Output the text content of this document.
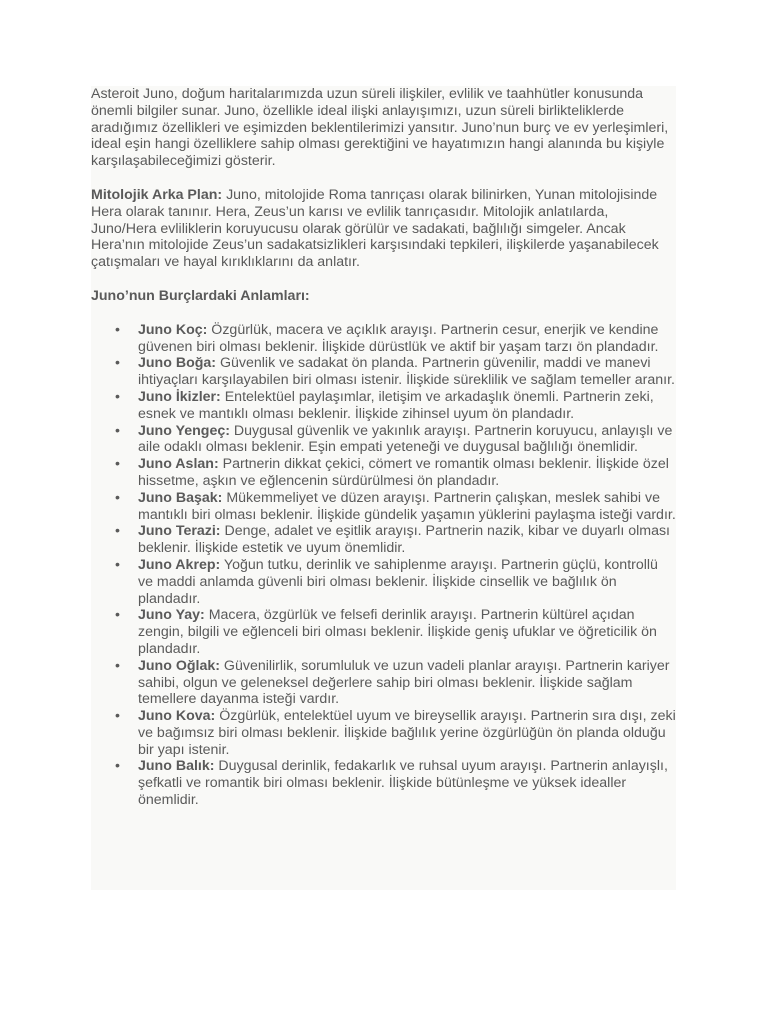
Asteroit Juno, doğum haritalarımızda uzun süreli ilişkiler, evlilik ve taahhütler konusunda önemli bilgiler sunar. Juno, özellikle ideal ilişki anlayışımızı, uzun süreli birlikteliklerde aradığımız özellikleri ve eşimizden beklentilerimizi yansıtır. Juno’nun burç ve ev yerleşimleri, ideal eşin hangi özelliklere sahip olması gerektiğini ve hayatımızın hangi alanında bu kişiyle karşılaşabileceğimizi gösterir.

Mitolojik Arka Plan: Juno, mitolojide Roma tanrıçası olarak bilinirken, Yunan mitolojisinde Hera olarak tanınır. Hera, Zeus’un karısı ve evlilik tanrıçasıdır. Mitolojik anlatılarda, Juno/Hera evliliklerin koruyucusu olarak görülür ve sadakati, bağlılığı simgeler. Ancak Hera’nın mitolojide Zeus’un sadakatsizlikleri karşısındaki tepkileri, ilişkilerde yaşanabilecek çatışmaları ve hayal kırıklıklarını da anlatır.

Juno’nun Burçlardaki Anlamları:

• Juno Koç: Özgürlük, macera ve açıklık arayışı. Partnerin cesur, enerjik ve kendine güvenen biri olması beklenir. İlişkide dürüstlük ve aktif bir yaşam tarzı ön plandadır.
• Juno Boğa: Güvenlik ve sadakat ön planda. Partnerin güvenilir, maddi ve manevi ihtiyaçları karşılayabilen biri olması istenir. İlişkide süreklilik ve sağlam temeller aranır.
• Juno İkizler: Entelektüel paylaşımlar, iletişim ve arkadaşlık önemli. Partnerin zeki, esnek ve mantıklı olması beklenir. İlişkide zihinsel uyum ön plandadır.
• Juno Yengeç: Duygusal güvenlik ve yakınlık arayışı. Partnerin koruyucu, anlayışlı ve aile odaklı olması beklenir. Eşin empati yeteneği ve duygusal bağlılığı önemlidir.
• Juno Aslan: Partnerin dikkat çekici, cömert ve romantik olması beklenir. İlişkide özel hissetme, aşkın ve eğlencenin sürdürülmesi ön plandadır.
• Juno Başak: Mükemmeliyet ve düzen arayışı. Partnerin çalışkan, meslek sahibi ve mantıklı biri olması beklenir. İlişkide gündelik yaşamın yüklerini paylaşma isteği vardır.
• Juno Terazi: Denge, adalet ve eşitlik arayışı. Partnerin nazik, kibar ve duyarlı olması beklenir. İlişkide estetik ve uyum önemlidir.
• Juno Akrep: Yoğun tutku, derinlik ve sahiplenme arayışı. Partnerin güçlü, kontrollü ve maddi anlamda güvenli biri olması beklenir. İlişkide cinsellik ve bağlılık ön plandadır.
• Juno Yay: Macera, özgürlük ve felsefi derinlik arayışı. Partnerin kültürel açıdan zengin, bilgili ve eğlenceli biri olması beklenir. İlişkide geniş ufuklar ve öğreticilik ön plandadır.
• Juno Oğlak: Güvenilirlik, sorumluluk ve uzun vadeli planlar arayışı. Partnerin kariyer sahibi, olgun ve geleneksel değerlere sahip biri olması beklenir. İlişkide sağlam temellere dayanma isteği vardır.
• Juno Kova: Özgürlük, entelektüel uyum ve bireysellik arayışı. Partnerin sıra dışı, zeki ve bağımsız biri olması beklenir. İlişkide bağlılık yerine özgürlüğün ön planda olduğu bir yapı istenir.
• Juno Balık: Duygusal derinlik, fedakarlık ve ruhsal uyum arayışı. Partnerin anlayışlı, şefkatli ve romantik biri olması beklenir. İlişkide bütünleşme ve yüksek idealler önemlidir.
